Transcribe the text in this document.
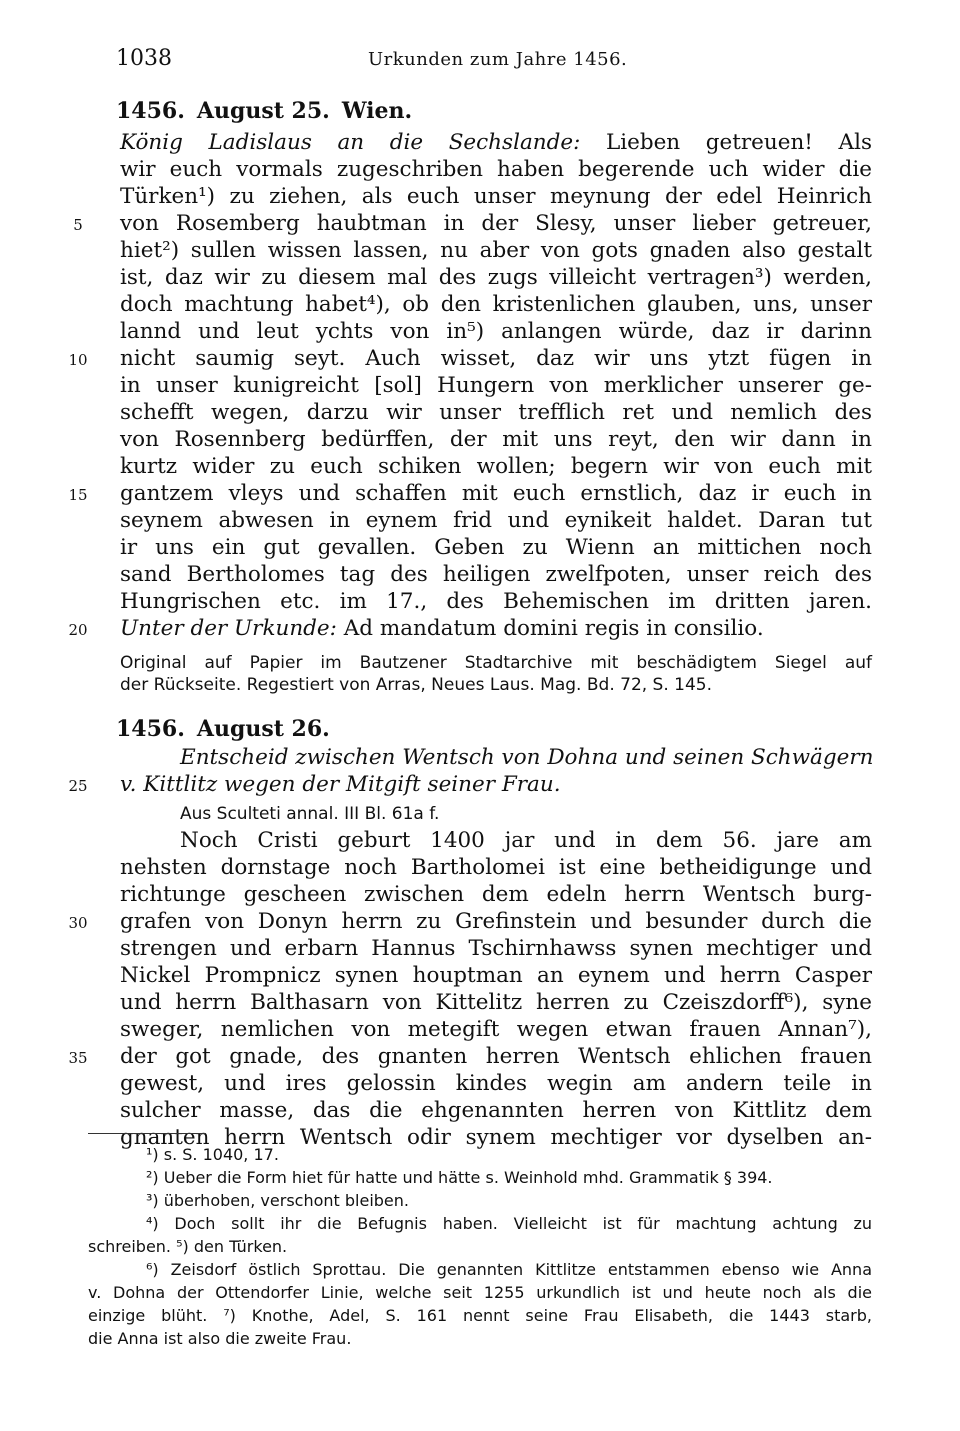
1038	Urkunden zum Jahre 1456.
1456. August 25. Wien.
König Ladislaus an die Sechslande: Lieben getreuen! Als
wir euch vormals zugeschriben haben begerende uch wider die
Türken¹) zu ziehen, als euch unser meynung der edel Heinrich
von Rosemberg haubtman in der Slesy, unser lieber getreuer,
hiet²) sullen wissen lassen, nu aber von gots gnaden also gestalt
ist, daz wir zu diesem mal des zugs villeicht vertragen³) werden,
doch machtung habet⁴), ob den kristenlichen glauben, uns, unser
lannd und leut ychts von in⁵) anlangen würde, daz ir darinn
nicht saumig seyt. Auch wisset, daz wir uns ytzt fügen in
in unser kunigreicht [sol] Hungern von merklicher unserer ge-
schefft wegen, darzu wir unser trefflich ret und nemlich des
von Rosennberg bedürffen, der mit uns reyt, den wir dann in
kurtz wider zu euch schiken wollen; begern wir von euch mit
gantzem vleys und schaffen mit euch ernstlich, daz ir euch in
seynem abwesen in eynem frid und eynikeit haldet. Daran tut
ir uns ein gut gevallen. Geben zu Wienn an mittichen noch
sand Bertholomes tag des heiligen zwelfpoten, unser reich des
Hungrischen etc. im 17., des Behemischen im dritten jaren.
Unter der Urkunde: Ad mandatum domini regis in consilio.
Original auf Papier im Bautzener Stadtarchive mit beschädigtem Siegel auf
der Rückseite. Regestiert von Arras, Neues Laus. Mag. Bd. 72, S. 145.
1456. August 26.
Entscheid zwischen Wentsch von Dohna und seinen Schwägern
v. Kittlitz wegen der Mitgift seiner Frau.
Aus Sculteti annal. III Bl. 61a f.
Noch Cristi geburt 1400 jar und in dem 56. jare am
nehsten dornstage noch Bartholomei ist eine betheidigunge und
richtunge gescheen zwischen dem edeln herrn Wentsch burg-
grafen von Donyn herrn zu Grefinstein und besunder durch die
strengen und erbarn Hannus Tschirnhawss synen mechtiger und
Nickel Prompnicz synen houptman an eynem und herrn Casper
und herrn Balthasarn von Kittelitz herren zu Czeiszdorff⁶), syne
sweger, nemlichen von metegift wegen etwan frauen Annan⁷),
der got gnade, des gnanten herren Wentsch ehlichen frauen
gewest, und ires gelossin kindes wegin am andern teile in
sulcher masse, das die ehgenannten herren von Kittlitz dem
gnanten herrn Wentsch odir synem mechtiger vor dyselben an-
5
10
15
20
25
30
35
¹) s. S. 1040, 17.
²) Ueber die Form hiet für hatte und hätte s. Weinhold mhd. Grammatik § 394.
³) überhoben, verschont bleiben.
⁴) Doch sollt ihr die Befugnis haben. Vielleicht ist für machtung achtung zu
schreiben. ⁵) den Türken.
⁶) Zeisdorf östlich Sprottau. Die genannten Kittlitze entstammen ebenso wie Anna
v. Dohna der Ottendorfer Linie, welche seit 1255 urkundlich ist und heute noch als die
einzige blüht. ⁷) Knothe, Adel, S. 161 nennt seine Frau Elisabeth, die 1443 starb,
die Anna ist also die zweite Frau.
